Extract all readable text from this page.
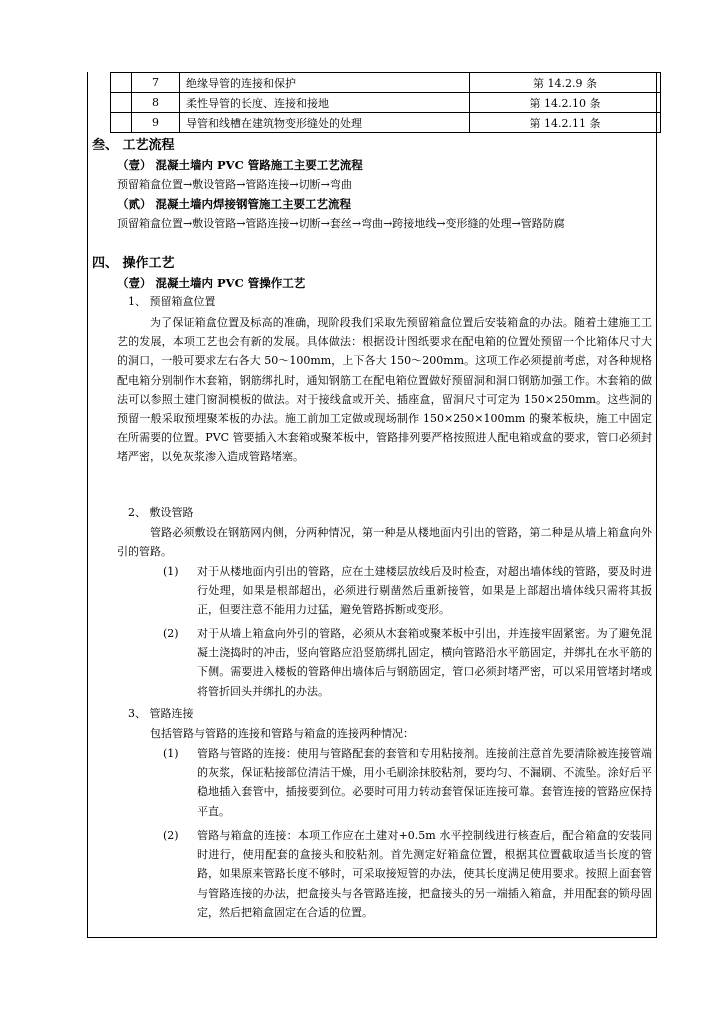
	7	绝缘导管的连接和保护	第 14.2.9 条
	8	柔性导管的长度、连接和接地	第 14.2.10 条
	9	导管和线槽在建筑物变形缝处的处理	第 14.2.11 条
叁、 工艺流程
（壹） 混凝土墙内 PVC 管路施工主要工艺流程
预留箱盒位置→敷设管路→管路连接→切断→弯曲
（贰） 混凝土墙内焊接钢管施工主要工艺流程
顶留箱盒位置→敷设管路→管路连接→切断→套丝→弯曲→跨接地线→变形缝的处理→管路防腐
四、 操作工艺
（壹） 混凝土墙内 PVC 管操作工艺
1、 预留箱盒位置
为了保证箱盒位置及标高的准确，现阶段我们采取先预留箱盒位置后安装箱盒的办法。随着土建施工工艺的发展，本项工艺也会有新的发展。具体做法：根据设计图纸要求在配电箱的位置处预留一个比箱体尺寸大的洞口，一般可要求左右各大 50～100mm，上下各大 150～200mm。这项工作必须提前考虑，对各种规格配电箱分别制作木套箱，钢筋绑扎时，通知钢筋工在配电箱位置做好预留洞和洞口钢筋加强工作。木套箱的做法可以参照土建门窗洞模板的做法。对于接线盒或开关、插座盒，留洞尺寸可定为 150×250mm。这些洞的预留一般采取预埋聚苯板的办法。施工前加工定做或现场制作 150×250×100mm 的聚苯板块，施工中固定在所需要的位置。PVC 管要插入木套箱或聚苯板中，管路排列要严格按照进人配电箱或盒的要求，管口必须封堵严密，以免灰浆渗入造成管路堵塞。
2、 敷设管路
管路必须敷设在钢筋网内侧，分两种情况，第一种是从楼地面内引出的管路，第二种是从墙上箱盒向外引的管路。
(1)	对于从楼地面内引出的管路，应在土建楼层放线后及时检查，对超出墙体线的管路，要及时进行处理，如果是根部超出，必须进行剔凿然后重新接管，如果是上部超出墙体线只需将其扳正，但要注意不能用力过猛，避免管路拆断或变形。
(2)	对于从墙上箱盒向外引的管路，必须从木套箱或聚苯板中引出，并连接牢固紧密。为了避免混凝土浇捣时的冲击，竖向管路应沿竖筋绑扎固定，横向管路沿水平筋固定，并绑扎在水平筋的下侧。需要进入楼板的管路伸出墙体后与钢筋固定，管口必须封堵严密，可以采用管堵封堵或将管折回头并绑扎的办法。
3、 管路连接
包括管路与管路的连接和管路与箱盒的连接两种情况：
(1)	管路与管路的连接：使用与管路配套的套管和专用粘接剂。连接前注意首先要清除被连接管端的灰浆，保证粘接部位清洁干燥，用小毛刷涂抹胶粘剂，要均匀、不漏刷、不流坠。涂好后平稳地插入套管中，插接要到位。必要时可用力转动套管保证连接可靠。套管连接的管路应保持平直。
(2)	管路与箱盒的连接：本项工作应在土建对+0.5m 水平控制线进行核查后，配合箱盒的安装同时进行，使用配套的盒接头和胶粘剂。首先测定好箱盒位置，根据其位置截取适当长度的管路，如果原来管路长度不够时，可采取接短管的办法，使其长度满足使用要求。按照上面套管与管路连接的办法，把盒接头与各管路连接，把盒接头的另一端插入箱盒，并用配套的锁母固定，然后把箱盒固定在合适的位置。
